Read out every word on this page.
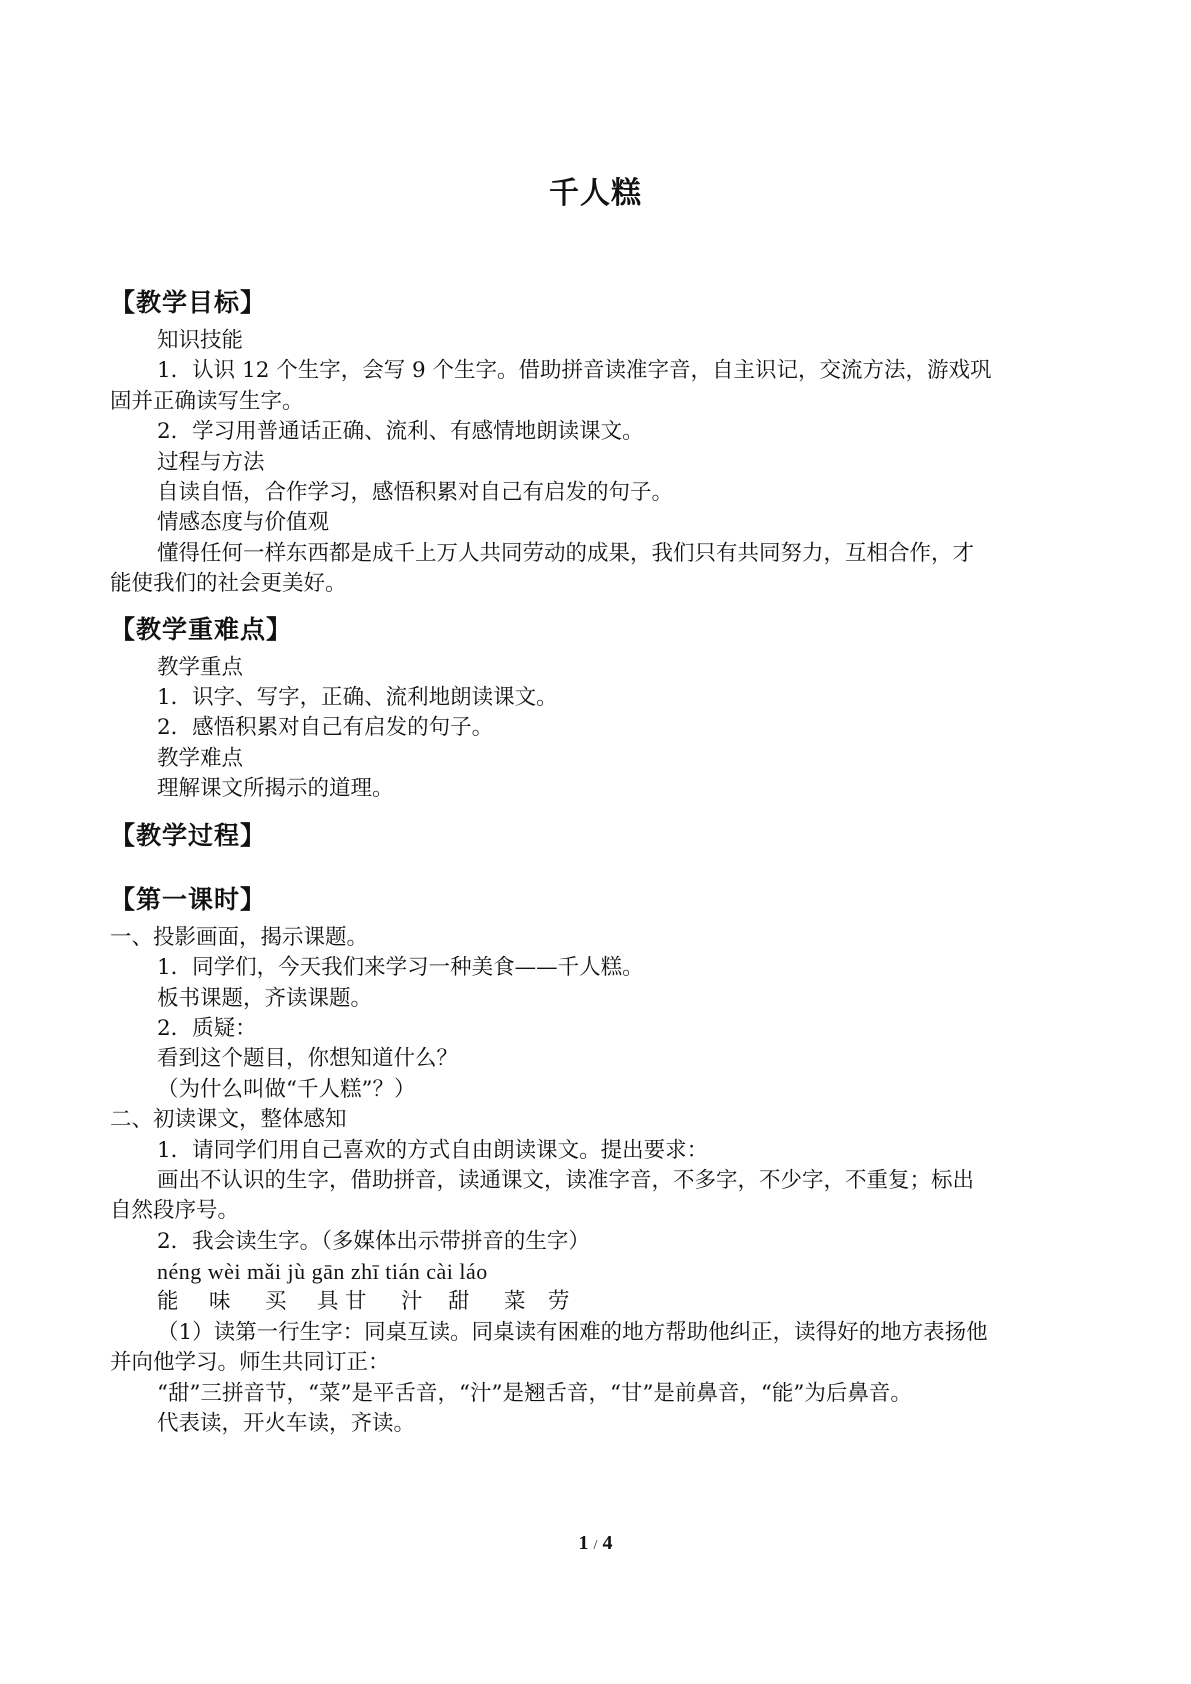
千人糕
【教学目标】
知识技能
1．认识 12 个生字，会写 9 个生字。借助拼音读准字音，自主识记，交流方法，游戏巩
固并正确读写生字。
2．学习用普通话正确、流利、有感情地朗读课文。
过程与方法
自读自悟，合作学习，感悟积累对自己有启发的句子。
情感态度与价值观
懂得任何一样东西都是成千上万人共同劳动的成果，我们只有共同努力，互相合作，才
能使我们的社会更美好。
【教学重难点】
教学重点
1．识字、写字，正确、流利地朗读课文。
2．感悟积累对自己有启发的句子。
教学难点
理解课文所揭示的道理。
【教学过程】
【第一课时】
一、投影画面，揭示课题。
1．同学们，今天我们来学习一种美食——千人糕。
板书课题，齐读课题。
2．质疑：
看到这个题目，你想知道什么？
（为什么叫做“千人糕”？）
二、初读课文，整体感知
1．请同学们用自己喜欢的方式自由朗读课文。提出要求：
画出不认识的生字，借助拼音，读通课文，读准字音，不多字，不少字，不重复；标出
自然段序号。
2．我会读生字。（多媒体出示带拼音的生字）
néng wèi mǎi jù gān zhī tián cài láo
能 味 买 具 甘 汁 甜 菜 劳
（1）读第一行生字：同桌互读。同桌读有困难的地方帮助他纠正，读得好的地方表扬他
并向他学习。师生共同订正：
“甜”三拼音节，“菜”是平舌音，“汁”是翘舌音，“甘”是前鼻音，“能”为后鼻音。
代表读，开火车读，齐读。
1 / 4
